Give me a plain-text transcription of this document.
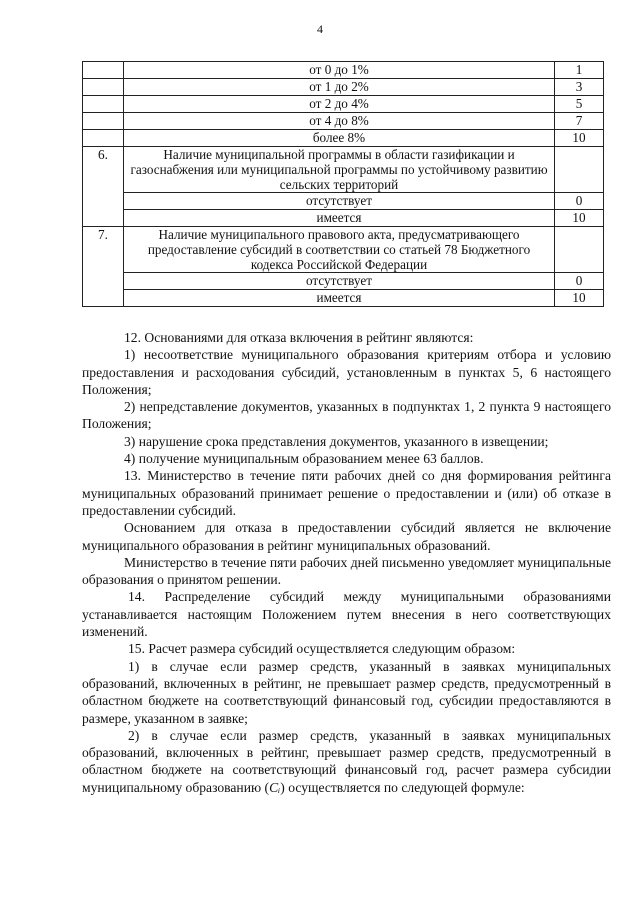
4
	от 0 до 1%	1
	от 1 до 2%	3
	от 2 до 4%	5
	от 4 до 8%	7
	более 8%	10
6.	Наличие муниципальной программы в области газификации и газоснабжения или муниципальной программы по устойчивому развитию сельских территорий	
	отсутствует	0
	имеется	10
7.	Наличие муниципального правового акта, предусматривающего предоставление субсидий в соответствии со статьей 78 Бюджетного кодекса Российской Федерации	
	отсутствует	0
	имеется	10

12. Основаниями для отказа включения в рейтинг являются:

1) несоответствие муниципального образования критериям отбора и условию предоставления и расходования субсидий, установленным в пунктах 5, 6 настоящего Положения;

2) непредставление документов, указанных в подпунктах 1, 2 пункта 9 настоящего Положения;

3) нарушение срока представления документов, указанного в извещении;

4) получение муниципальным образованием менее 63 баллов.

13. Министерство в течение пяти рабочих дней со дня формирования рейтинга муниципальных образований принимает решение о предоставлении и (или) об отказе в предоставлении субсидий.

Основанием для отказа в предоставлении субсидий является не включение муниципального образования в рейтинг муниципальных образований.

Министерство в течение пяти рабочих дней письменно уведомляет муниципальные образования о принятом решении.

14. Распределение субсидий между муниципальными образованиями устанавливается настоящим Положением путем внесения в него соответствующих изменений.

15. Расчет размера субсидий осуществляется следующим образом:

1) в случае если размер средств, указанный в заявках муниципальных образований, включенных в рейтинг, не превышает размер средств, предусмотренный в областном бюджете на соответствующий финансовый год, субсидии предоставляются в размере, указанном в заявке;

2) в случае если размер средств, указанный в заявках муниципальных образований, включенных в рейтинг, превышает размер средств, предусмотренный в областном бюджете на соответствующий финансовый год, расчет размера субсидии муниципальному образованию (Cᵢ) осуществляется по следующей формуле:
